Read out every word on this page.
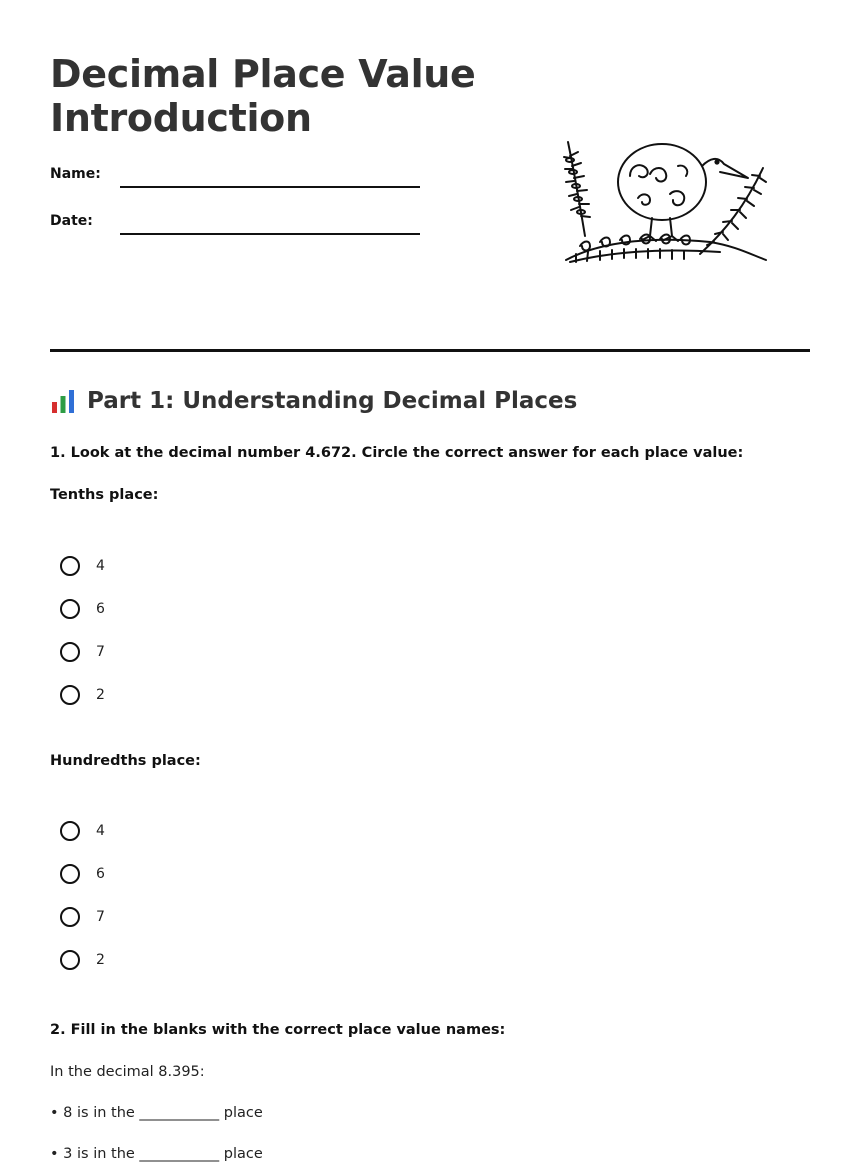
Decimal Place Value Introduction
Name:
Date:
Part 1: Understanding Decimal Places
1. Look at the decimal number 4.672. Circle the correct answer for each place value:
Tenths place:
4
6
7
2
Hundredths place:
4
6
7
2
2. Fill in the blanks with the correct place value names:
In the decimal 8.395:
• 8 is in the ___________ place
• 3 is in the ___________ place
